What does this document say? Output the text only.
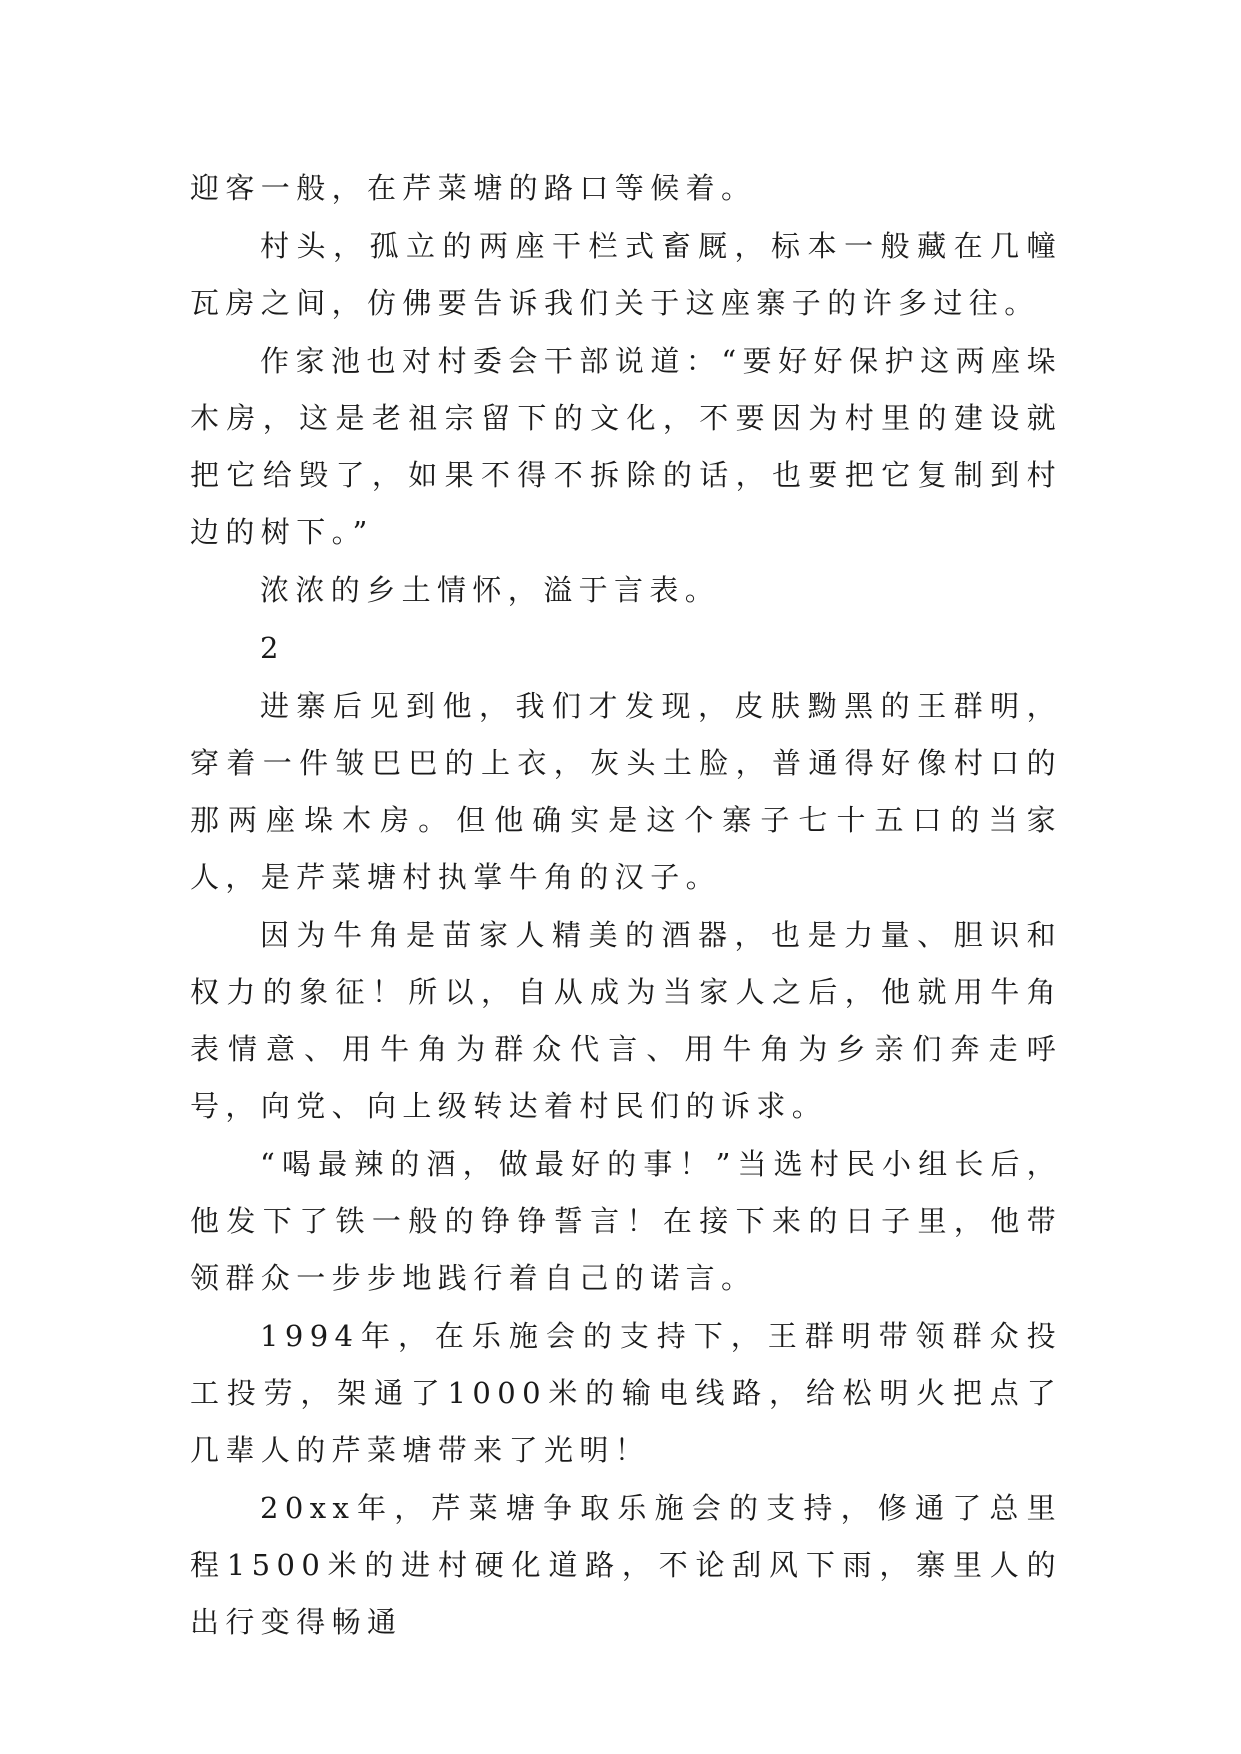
迎客一般，在芹菜塘的路口等候着。

村头，孤立的两座干栏式畜厩，标本一般藏在几幢瓦房之间，仿佛要告诉我们关于这座寨子的许多过往。

作家池也对村委会干部说道：“要好好保护这两座垛木房，这是老祖宗留下的文化，不要因为村里的建设就把它给毁了，如果不得不拆除的话，也要把它复制到村边的树下。”

浓浓的乡土情怀，溢于言表。

2

进寨后见到他，我们才发现，皮肤黝黑的王群明，穿着一件皱巴巴的上衣，灰头土脸，普通得好像村口的那两座垛木房。但他确实是这个寨子七十五口的当家人，是芹菜塘村执掌牛角的汉子。

因为牛角是苗家人精美的酒器，也是力量、胆识和权力的象征！所以，自从成为当家人之后，他就用牛角表情意、用牛角为群众代言、用牛角为乡亲们奔走呼号，向党、向上级转达着村民们的诉求。

“喝最辣的酒，做最好的事！”当选村民小组长后，他发下了铁一般的铮铮誓言！在接下来的日子里，他带领群众一步步地践行着自己的诺言。

1994年，在乐施会的支持下，王群明带领群众投工投劳，架通了1000米的输电线路，给松明火把点了几辈人的芹菜塘带来了光明！

20xx年，芹菜塘争取乐施会的支持，修通了总里程1500米的进村硬化道路，不论刮风下雨，寨里人的出行变得畅通
